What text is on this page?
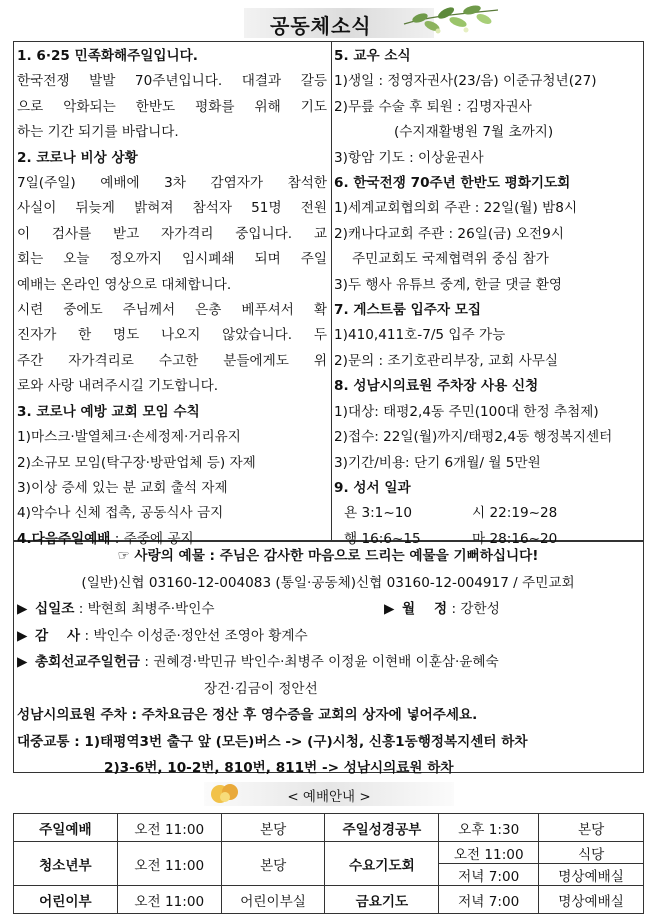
공동체소식
1. 6·25 민족화해주일입니다.
한국전쟁 발발 70주년입니다. 대결과 갈등
으로 악화되는 한반도 평화를 위해 기도
하는 기간 되기를 바랍니다.
2. 코로나 비상 상황
7일(주일) 예배에 3차 감염자가 참석한
사실이 뒤늦게 밝혀져 참석자 51명 전원
이 검사를 받고 자가격리 중입니다. 교
회는 오늘 정오까지 임시폐쇄 되며 주일
예배는 온라인 영상으로 대체합니다.
시련 중에도 주님께서 은총 베푸셔서 확
진자가 한 명도 나오지 않았습니다. 두
주간 자가격리로 수고한 분들에게도 위
로와 사랑 내려주시길 기도합니다.
3. 코로나 예방 교회 모임 수칙
1)마스크·발열체크·손세정제·거리유지
2)소규모 모임(탁구장·방판업체 등) 자제
3)이상 증세 있는 분 교회 출석 자제
4)악수나 신체 접촉, 공동식사 금지
4.다음주일예배 : 주중에 공지
5. 교우 소식
1)생일 : 정영자권사(23/음) 이준규청년(27)
2)무릎 수술 후 퇴원 : 김명자권사
(수지재활병원 7월 초까지)
3)항암 기도 : 이상윤권사
6. 한국전쟁 70주년 한반도 평화기도회
1)세계교회협의회 주관 : 22일(월) 밤8시
2)캐나다교회 주관 : 26일(금) 오전9시
주민교회도 국제협력위 중심 참가
3)두 행사 유튜브 중계, 한글 댓글 환영
7. 게스트룸 입주자 모집
1)410,411호-7/5 입주 가능
2)문의 : 조기호관리부장, 교회 사무실
8. 성남시의료원 주차장 사용 신청
1)대상: 태평2,4동 주민(100대 한정 추첨제)
2)접수: 22일(월)까지/태평2,4동 행정복지센터
3)기간/비용: 단기 6개월/ 월 5만원
9. 성서 일과
욘 3:1~10	시 22:19~28
행 16:6~15	마 28:16~20
☞ 사랑의 예물 : 주님은 감사한 마음으로 드리는 예물을 기뻐하십니다!
(일반)신협 03160-12-004083 (통일·공동체)신협 03160-12-004917 / 주민교회
▶ 십일조 : 박현희 최병주·박인수	▶ 월    정 : 강한성
▶ 감    사 : 박인수 이성준·정안선 조영아 황계수
▶ 총회선교주일헌금 : 권혜경·박민규 박인수·최병주 이정윤 이현배 이훈삼·윤혜숙
장건·김금이 정안선
성남시의료원 주차 : 주차요금은 정산 후 영수증을 교회의 상자에 넣어주세요.
대중교통 : 1)태평역3번 출구 앞 (모든)버스 -> (구)시청, 신흥1동행정복지센터 하차
2)3-6번, 10-2번, 810번, 811번 -> 성남시의료원 하차
< 예배안내 >
주일예배	오전 11:00	본당	주일성경공부	오후 1:30	본당
청소년부	오전 11:00	본당	수요기도회	오전 11:00	식당
				저녁 7:00	명상예배실
어린이부	오전 11:00	어린이부실	금요기도	저녁 7:00	명상예배실
